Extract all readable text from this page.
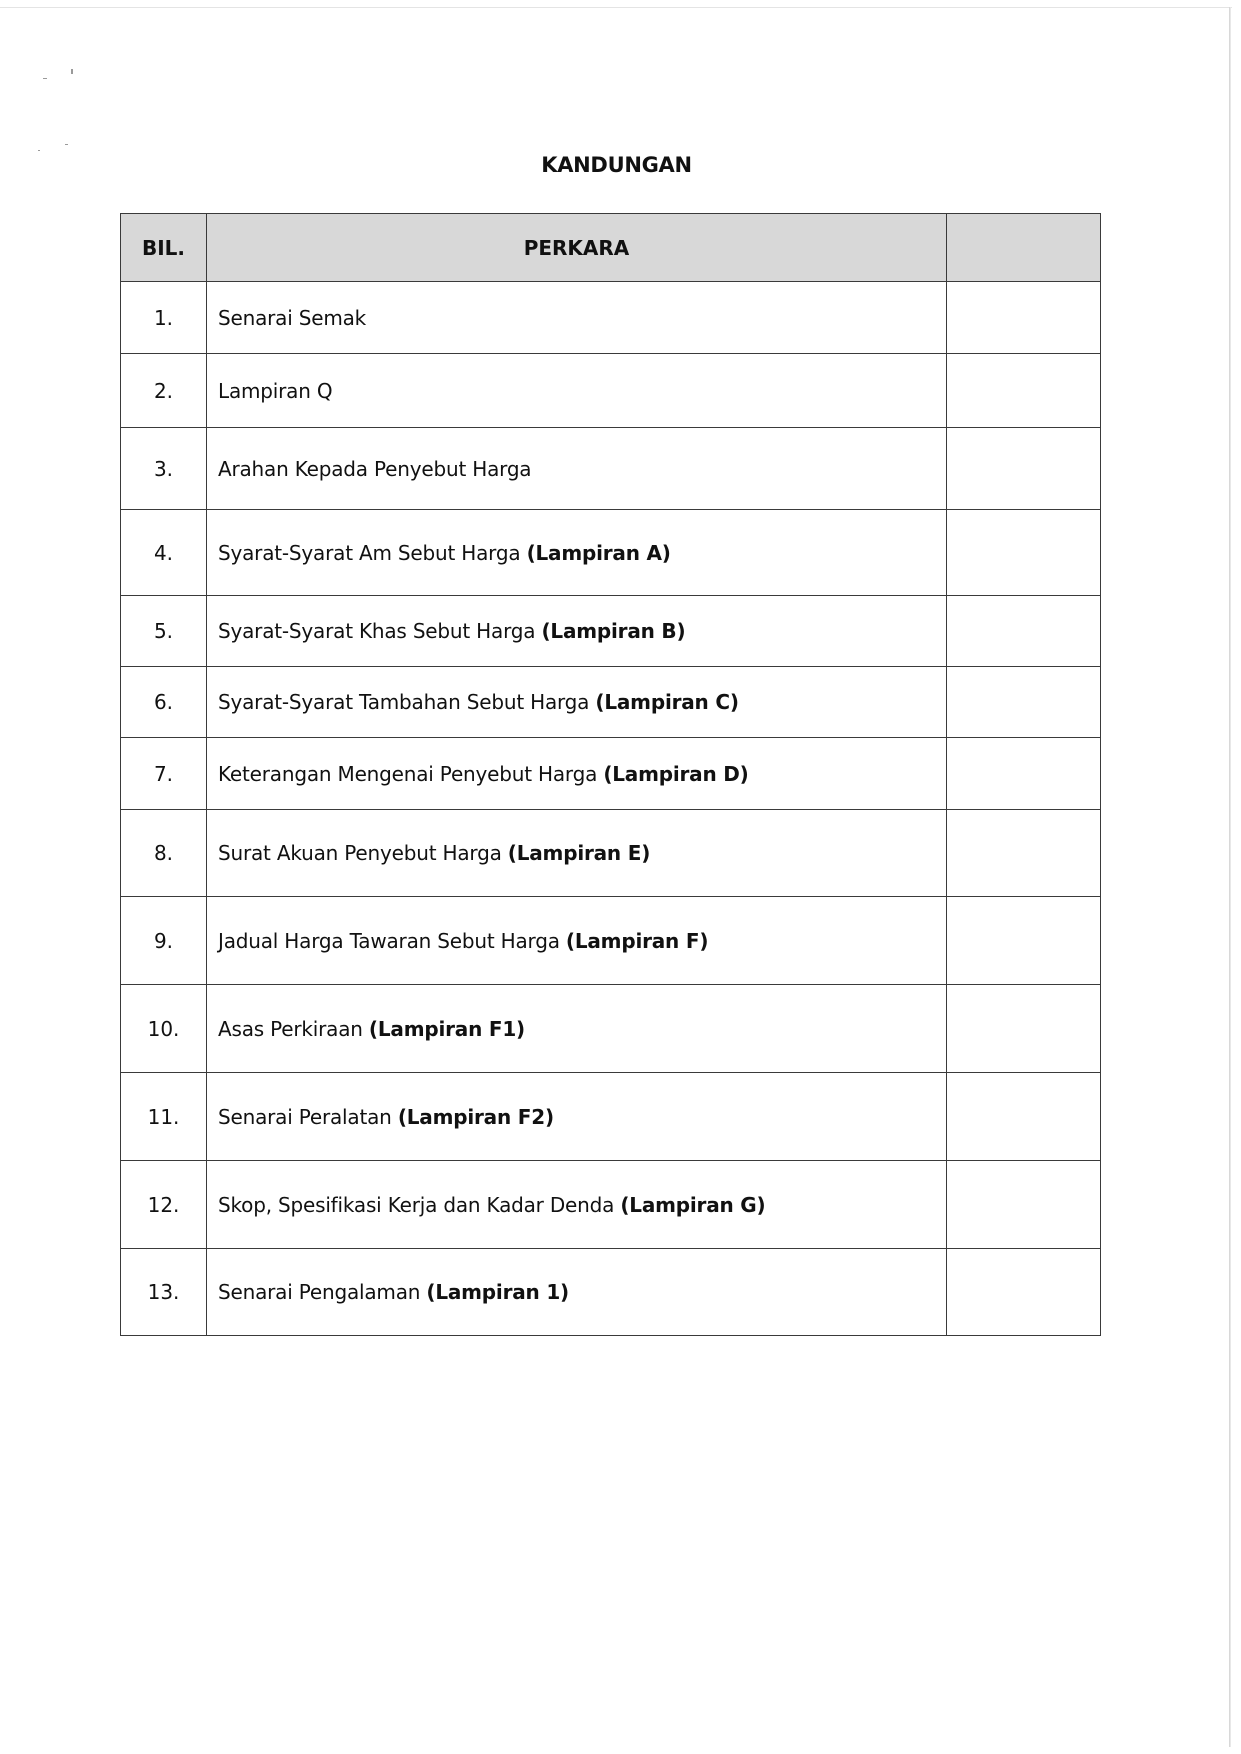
KANDUNGAN
BIL.	PERKARA	
1.	Senarai Semak	
2.	Lampiran Q	
3.	Arahan Kepada Penyebut Harga	
4.	Syarat-Syarat Am Sebut Harga (Lampiran A)	
5.	Syarat-Syarat Khas Sebut Harga (Lampiran B)	
6.	Syarat-Syarat Tambahan Sebut Harga (Lampiran C)	
7.	Keterangan Mengenai Penyebut Harga (Lampiran D)	
8.	Surat Akuan Penyebut Harga (Lampiran E)	
9.	Jadual Harga Tawaran Sebut Harga (Lampiran F)	
10.	Asas Perkiraan (Lampiran F1)	
11.	Senarai Peralatan (Lampiran F2)	
12.	Skop, Spesifikasi Kerja dan Kadar Denda (Lampiran G)	
13.	Senarai Pengalaman (Lampiran 1)	
